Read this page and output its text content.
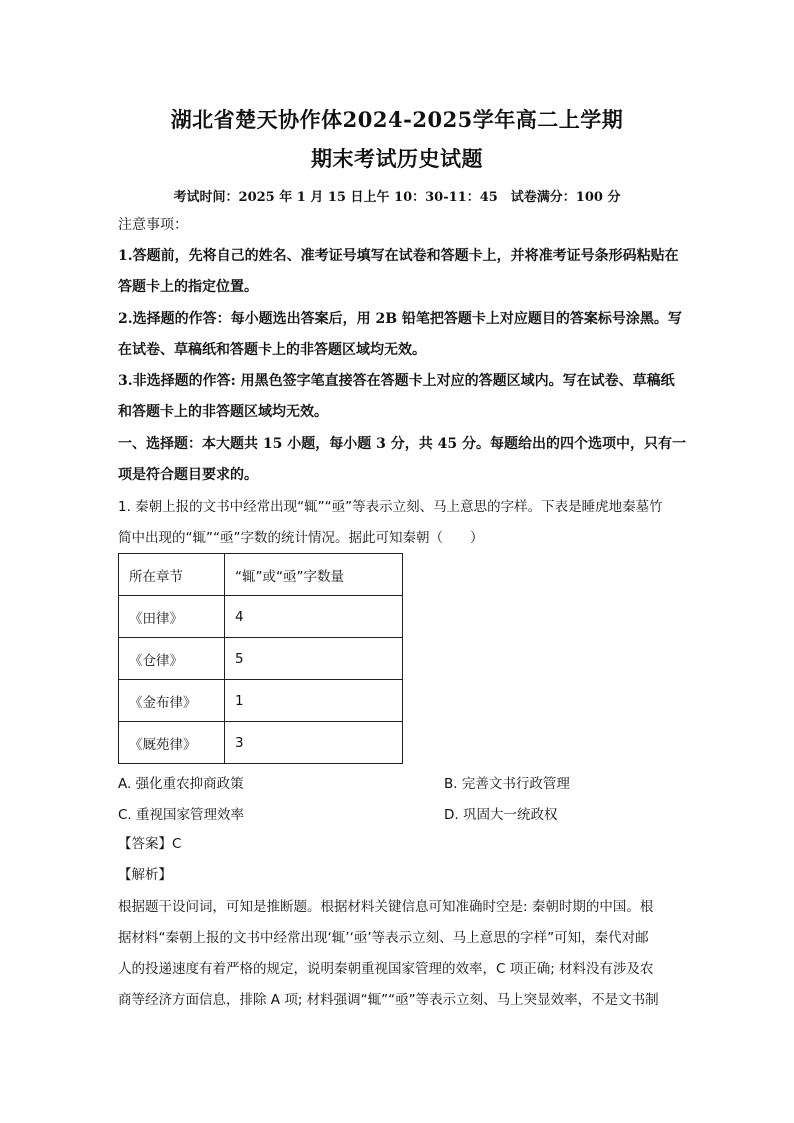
湖北省楚天协作体2024-2025学年高二上学期
期末考试历史试题
考试时间：2025 年 1 月 15 日上午 10：30-11：45　试卷满分：100 分
注意事项：
1.答题前，先将自己的姓名、准考证号填写在试卷和答题卡上，并将准考证号条形码粘贴在
答题卡上的指定位置。
2.选择题的作答：每小题选出答案后，用 2B 铅笔把答题卡上对应题目的答案标号涂黑。写
在试卷、草稿纸和答题卡上的非答题区域均无效。
3.非选择题的作答: 用黑色签字笔直接答在答题卡上对应的答题区域内。写在试卷、草稿纸
和答题卡上的非答题区域均无效。
一、选择题：本大题共 15 小题，每小题 3 分，共 45 分。每题给出的四个选项中，只有一
项是符合题目要求的。
1. 秦朝上报的文书中经常出现“辄”“亟”等表示立刻、马上意思的字样。下表是睡虎地秦墓竹
简中出现的“辄”“亟”字数的统计情况。据此可知秦朝（　　）
所在章节	“辄”或“亟”字数量
《田律》	4
《仓律》	5
《金布律》	1
《厩苑律》	3
A. 强化重农抑商政策	B. 完善文书行政管理
C. 重视国家管理效率	D. 巩固大一统政权
【答案】C
【解析】
根据题干设问词，可知是推断题。根据材料关键信息可知准确时空是: 秦朝时期的中国。根
据材料“秦朝上报的文书中经常出现‘辄’‘亟’等表示立刻、马上意思的字样”可知，秦代对邮
人的投递速度有着严格的规定，说明秦朝重视国家管理的效率，C 项正确; 材料没有涉及农
商等经济方面信息，排除 A 项; 材料强调“辄”“亟”等表示立刻、马上突显效率，不是文书制
